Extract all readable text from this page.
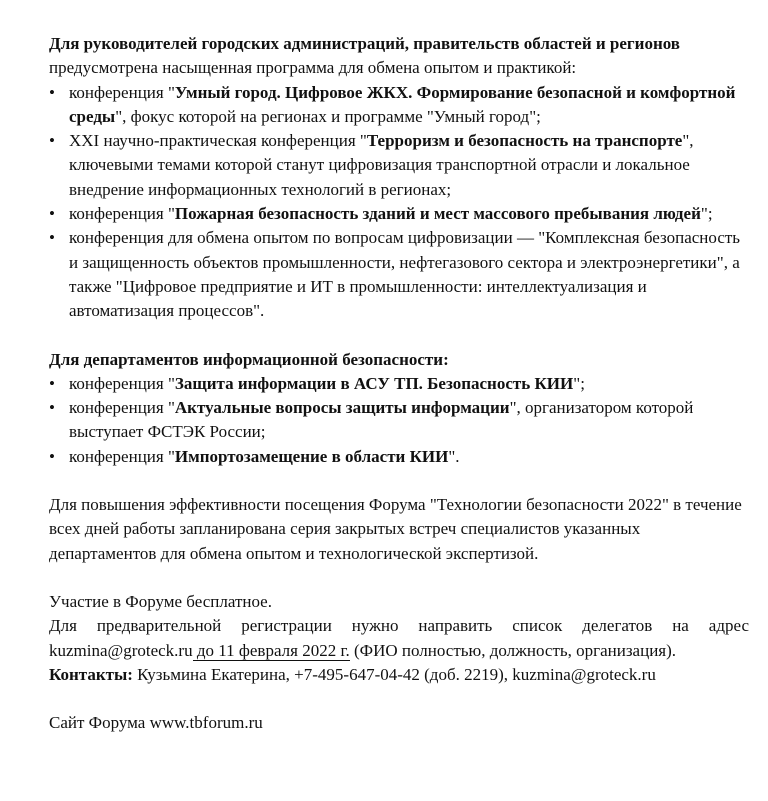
Для руководителей городских администраций, правительств областей и регионов

предусмотрена насыщенная программа для обмена опытом и практикой:

• конференция "Умный город. Цифровое ЖКХ. Формирование безопасной и комфортной среды", фокус которой на регионах и программе "Умный город";
• XXI научно-практическая конференция "Терроризм и безопасность на транспорте", ключевыми темами которой станут цифровизация транспортной отрасли и локальное внедрение информационных технологий в регионах;
• конференция "Пожарная безопасность зданий и мест массового пребывания людей";
• конференция для обмена опытом по вопросам цифровизации — "Комплексная безопасность и защищенность объектов промышленности, нефтегазового сектора и электроэнергетики", а также "Цифровое предприятие и ИТ в промышленности: интеллектуализация и автоматизация процессов".

Для департаментов информационной безопасности:

• конференция "Защита информации в АСУ ТП. Безопасность КИИ";
• конференция "Актуальные вопросы защиты информации", организатором которой выступает ФСТЭК России;
• конференция "Импортозамещение в области КИИ".

Для повышения эффективности посещения Форума "Технологии безопасности 2022" в течение всех дней работы запланирована серия закрытых встреч специалистов указанных департаментов для обмена опытом и технологической экспертизой.

Участие в Форуме бесплатное.

Для предварительной регистрации нужно направить список делегатов на адрес

kuzmina@groteck.ru до 11 февраля 2022 г. (ФИО полностью, должность, организация).

Контакты: Кузьмина Екатерина, +7-495-647-04-42 (доб. 2219), kuzmina@groteck.ru

Сайт Форума www.tbforum.ru
